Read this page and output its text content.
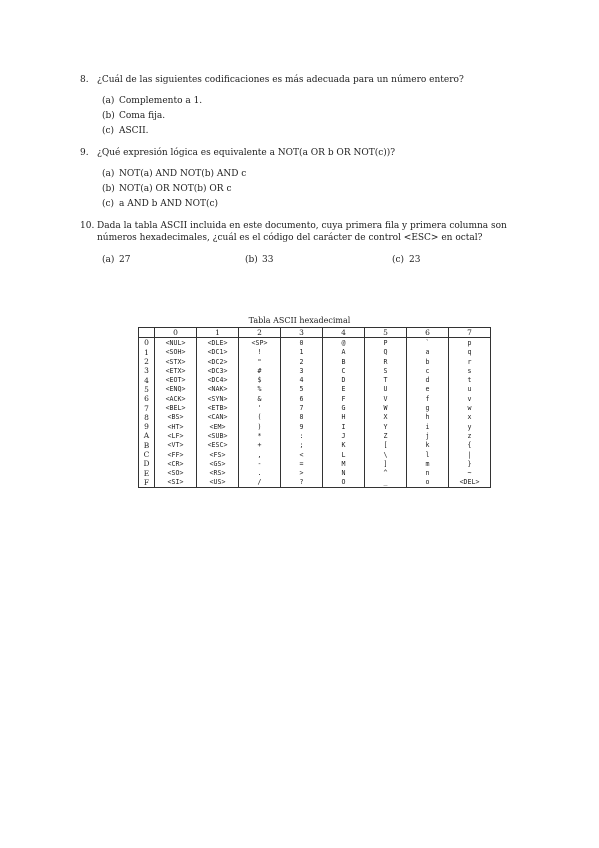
8. ¿Cuál de las siguientes codificaciones es más adecuada para un número entero?
(a) Complemento a 1.
(b) Coma fija.
(c) ASCII.
9. ¿Qué expresión lógica es equivalente a NOT(a OR b OR NOT(c))?
(a) NOT(a) AND NOT(b) AND c
(b) NOT(a) OR NOT(b) OR c
(c) a AND b AND NOT(c)
10. Dada la tabla ASCII incluida en este documento, cuya primera fila y primera columna son números hexadecimales, ¿cuál es el código del carácter de control <ESC> en octal?
(a) 27	(b) 33	(c) 23
Tabla ASCII hexadecimal
	0	1	2	3	4	5	6	7
0	<NUL>	<DLE>	<SP>	0	@	P	`	p
1	<SOH>	<DC1>	!	1	A	Q	a	q
2	<STX>	<DC2>	"	2	B	R	b	r
3	<ETX>	<DC3>	#	3	C	S	c	s
4	<EOT>	<DC4>	$	4	D	T	d	t
5	<ENQ>	<NAK>	%	5	E	U	e	u
6	<ACK>	<SYN>	&	6	F	V	f	v
7	<BEL>	<ETB>	'	7	G	W	g	w
8	<BS>	<CAN>	(	8	H	X	h	x
9	<HT>	<EM>	)	9	I	Y	i	y
A	<LF>	<SUB>	*	:	J	Z	j	z
B	<VT>	<ESC>	+	;	K	[	k	{
C	<FF>	<FS>	,	<	L	\	l	|
D	<CR>	<GS>	-	=	M	]	m	}
E	<SO>	<RS>	.	>	N	^	n	~
F	<SI>	<US>	/	?	O	_	o	<DEL>
